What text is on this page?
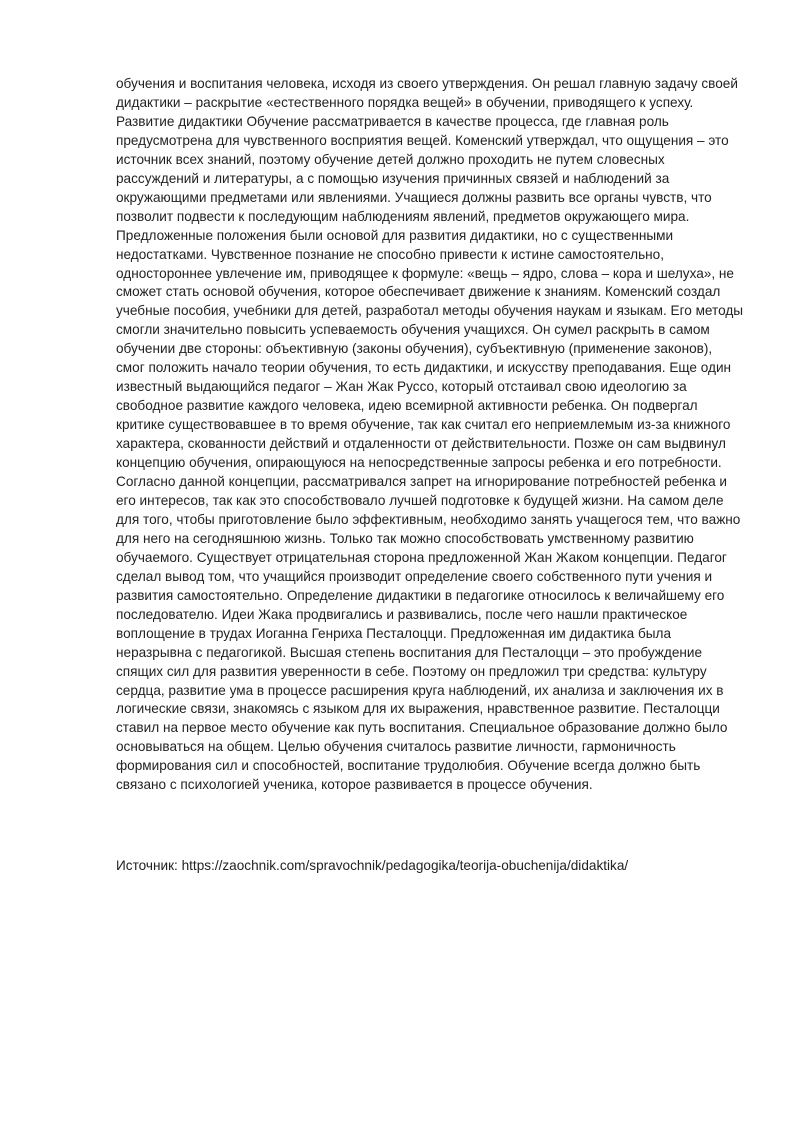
обучения и воспитания человека, исходя из своего утверждения. Он решал главную задачу своей
дидактики – раскрытие «естественного порядка вещей» в обучении, приводящего к успеху.
Развитие дидактики Обучение рассматривается в качестве процесса, где главная роль
предусмотрена для чувственного восприятия вещей. Коменский утверждал, что ощущения – это
источник всех знаний, поэтому обучение детей должно проходить не путем словесных
рассуждений и литературы, а с помощью изучения причинных связей и наблюдений за
окружающими предметами или явлениями. Учащиеся должны развить все органы чувств, что
позволит подвести к последующим наблюдениям явлений, предметов окружающего мира.
Предложенные положения были основой для развития дидактики, но с существенными
недостатками. Чувственное познание не способно привести к истине самостоятельно,
одностороннее увлечение им, приводящее к формуле: «вещь – ядро, слова – кора и шелуха», не
сможет стать основой обучения, которое обеспечивает движение к знаниям. Коменский создал
учебные пособия, учебники для детей, разработал методы обучения наукам и языкам. Его методы
смогли значительно повысить успеваемость обучения учащихся. Он сумел раскрыть в самом
обучении две стороны: объективную (законы обучения), субъективную (применение законов),
смог положить начало теории обучения, то есть дидактики, и искусству преподавания. Еще один
известный выдающийся педагог – Жан Жак Руссо, который отстаивал свою идеологию за
свободное развитие каждого человека, идею всемирной активности ребенка. Он подвергал
критике существовавшее в то время обучение, так как считал его неприемлемым из-за книжного
характера, скованности действий и отдаленности от действительности. Позже он сам выдвинул
концепцию обучения, опирающуюся на непосредственные запросы ребенка и его потребности.
Согласно данной концепции, рассматривался запрет на игнорирование потребностей ребенка и
его интересов, так как это способствовало лучшей подготовке к будущей жизни. На самом деле
для того, чтобы приготовление было эффективным, необходимо занять учащегося тем, что важно
для него на сегодняшнюю жизнь. Только так можно способствовать умственному развитию
обучаемого. Существует отрицательная сторона предложенной Жан Жаком концепции. Педагог
сделал вывод том, что учащийся производит определение своего собственного пути учения и
развития самостоятельно. Определение дидактики в педагогике относилось к величайшему его
последователю. Идеи Жака продвигались и развивались, после чего нашли практическое
воплощение в трудах Иоганна Генриха Песталоцци. Предложенная им дидактика была
неразрывна с педагогикой. Высшая степень воспитания для Песталоцци – это пробуждение
спящих сил для развития уверенности в себе. Поэтому он предложил три средства: культуру
сердца, развитие ума в процессе расширения круга наблюдений, их анализа и заключения их в
логические связи, знакомясь с языком для их выражения, нравственное развитие. Песталоцци
ставил на первое место обучение как путь воспитания. Специальное образование должно было
основываться на общем. Целью обучения считалось развитие личности, гармоничность
формирования сил и способностей, воспитание трудолюбия. Обучение всегда должно быть
связано с психологией ученика, которое развивается в процессе обучения.
Источник: https://zaochnik.com/spravochnik/pedagogika/teorija-obuchenija/didaktika/
